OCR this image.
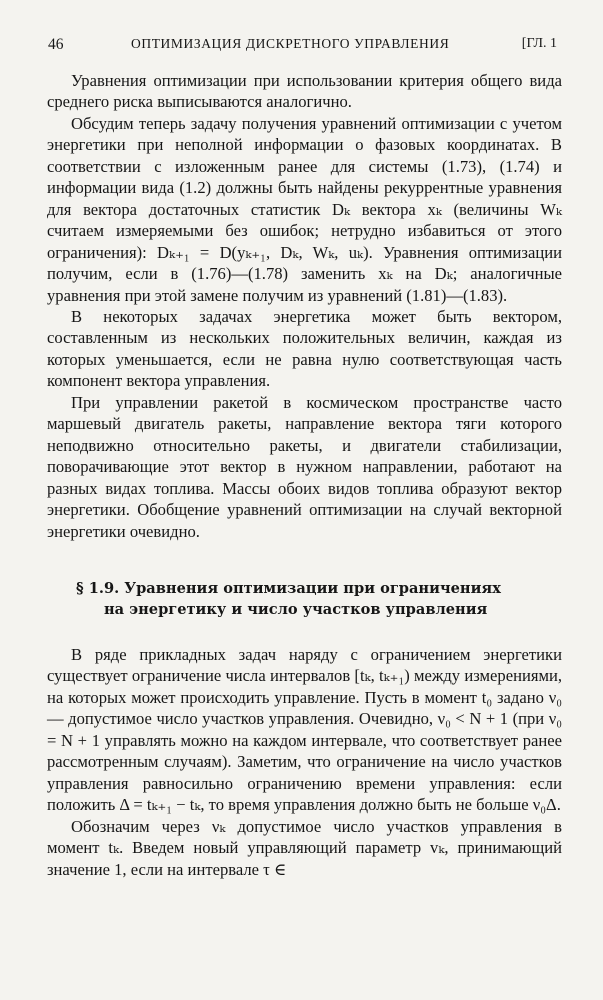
46	ОПТИМИЗАЦИЯ ДИСКРЕТНОГО УПРАВЛЕНИЯ	[ГЛ. 1

Уравнения оптимизации при использовании критерия общего вида среднего риска выписываются аналогично.

Обсудим теперь задачу получения уравнений оптимизации с учетом энергетики при неполной информации о фазовых координатах. В соответствии с изложенным ранее для системы (1.73), (1.74) и информации вида (1.2) должны быть найдены рекуррентные уравнения для вектора достаточных статистик Dₖ вектора xₖ (величины Wₖ считаем измеряемыми без ошибок; нетрудно избавиться от этого ограничения): Dₖ₊₁ = D(yₖ₊₁, Dₖ, Wₖ, uₖ). Уравнения оптимизации получим, если в (1.76)—(1.78) заменить xₖ на Dₖ; аналогичные уравнения при этой замене получим из уравнений (1.81)—(1.83).

В некоторых задачах энергетика может быть вектором, составленным из нескольких положительных величин, каждая из которых уменьшается, если не равна нулю соответствующая часть компонент вектора управления.

При управлении ракетой в космическом пространстве часто маршевый двигатель ракеты, направление вектора тяги которого неподвижно относительно ракеты, и двигатели стабилизации, поворачивающие этот вектор в нужном направлении, работают на разных видах топлива. Массы обоих видов топлива образуют вектор энергетики. Обобщение уравнений оптимизации на случай векторной энергетики очевидно.

§ 1.9. Уравнения оптимизации при ограничениях
на энергетику и число участков управления

В ряде прикладных задач наряду с ограничением энергетики существует ограничение числа интервалов [tₖ, tₖ₊₁) между измерениями, на которых может происходить управление. Пусть в момент t₀ задано ν₀ — допустимое число участков управления. Очевидно, ν₀ < N + 1 (при ν₀ = N + 1 управлять можно на каждом интервале, что соответствует ранее рассмотренным случаям). Заметим, что ограничение на число участков управления равносильно ограничению времени управления: если положить Δ = tₖ₊₁ − tₖ, то время управления должно быть не больше ν₀Δ.

Обозначим через νₖ допустимое число участков управления в момент tₖ. Введем новый управляющий параметр vₖ, принимающий значение 1, если на интервале τ ∈
